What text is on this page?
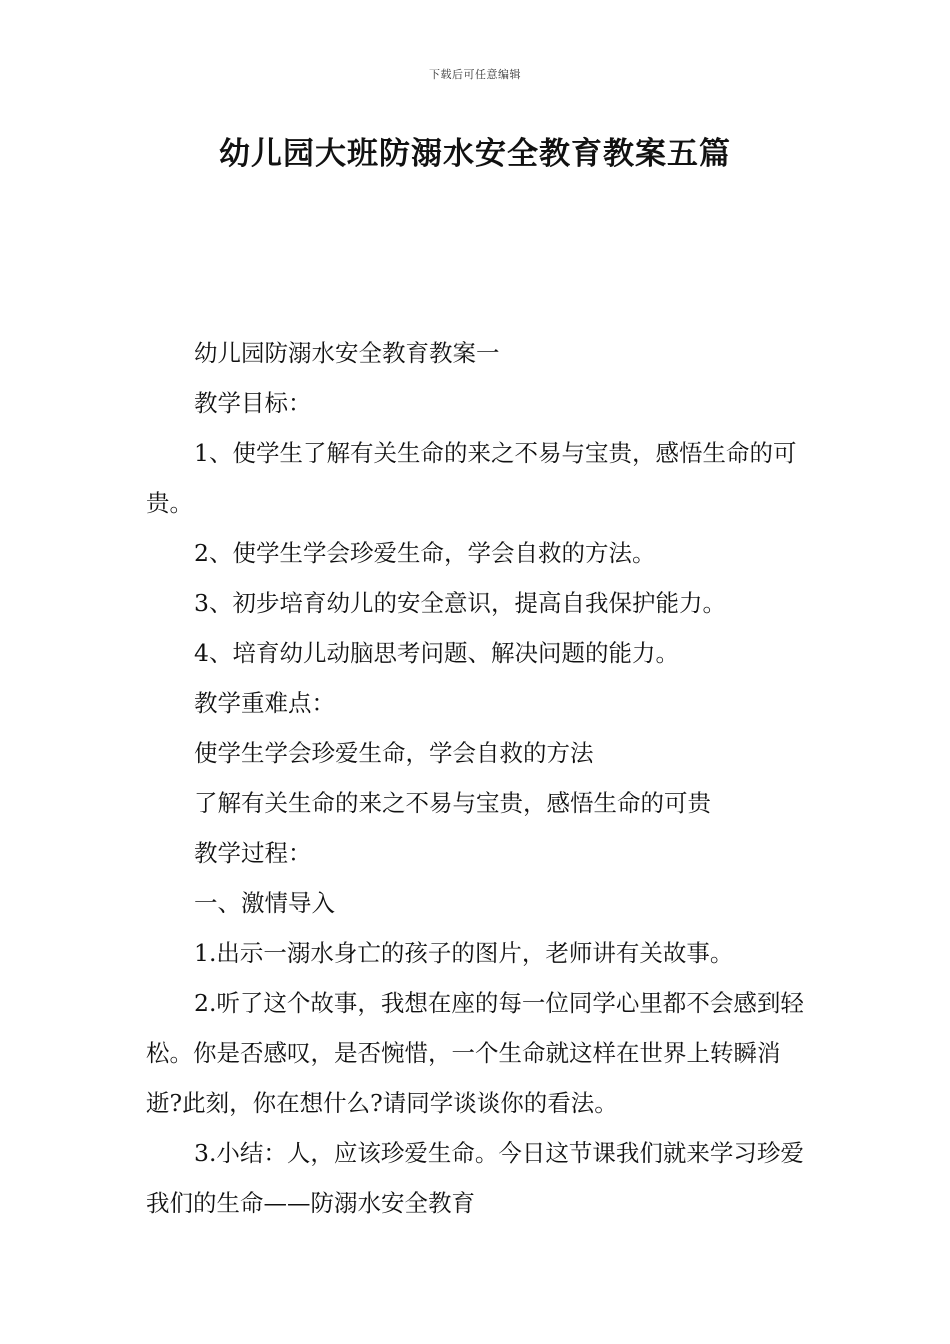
下载后可任意编辑
幼儿园大班防溺水安全教育教案五篇

幼儿园防溺水安全教育教案一

教学目标：

1、使学生了解有关生命的来之不易与宝贵，感悟生命的可贵。

2、使学生学会珍爱生命，学会自救的方法。

3、初步培育幼儿的安全意识，提高自我保护能力。

4、培育幼儿动脑思考问题、解决问题的能力。

教学重难点：

使学生学会珍爱生命，学会自救的方法

了解有关生命的来之不易与宝贵，感悟生命的可贵

教学过程：

一、激情导入

1.出示一溺水身亡的孩子的图片，老师讲有关故事。

2.听了这个故事，我想在座的每一位同学心里都不会感到轻松。你是否感叹，是否惋惜，一个生命就这样在世界上转瞬消逝?此刻，你在想什么?请同学谈谈你的看法。

3.小结：人，应该珍爱生命。今日这节课我们就来学习珍爱我们的生命——防溺水安全教育
